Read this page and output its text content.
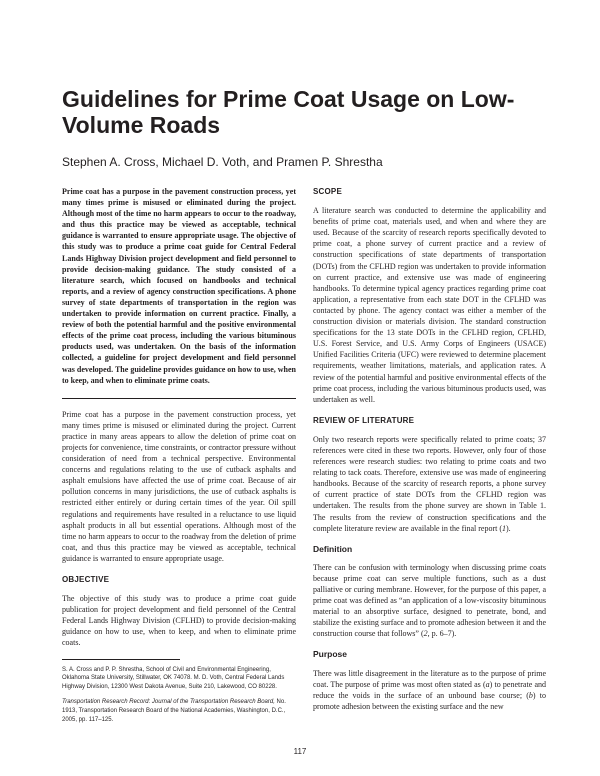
Guidelines for Prime Coat Usage on Low-Volume Roads
Stephen A. Cross, Michael D. Voth, and Pramen P. Shrestha

Prime coat has a purpose in the pavement construction process, yet many times prime is misused or eliminated during the project. Although most of the time no harm appears to occur to the roadway, and thus this practice may be viewed as acceptable, technical guidance is warranted to ensure appropriate usage. The objective of this study was to produce a prime coat guide for Central Federal Lands Highway Division project development and field personnel to provide decision-making guidance. The study consisted of a literature search, which focused on handbooks and technical reports, and a review of agency construction specifications. A phone survey of state departments of transportation in the region was undertaken to provide information on current practice. Finally, a review of both the potential harmful and the positive environmental effects of the prime coat process, including the various bituminous products used, was undertaken. On the basis of the information collected, a guideline for project development and field personnel was developed. The guideline provides guidance on how to use, when to keep, and when to eliminate prime coats.

Prime coat has a purpose in the pavement construction process, yet many times prime is misused or eliminated during the project. Current practice in many areas appears to allow the deletion of prime coat on projects for convenience, time constraints, or contractor pressure without consideration of need from a technical perspective. Environmental concerns and regulations relating to the use of cutback asphalts and asphalt emulsions have affected the use of prime coat. Because of air pollution concerns in many jurisdictions, the use of cutback asphalts is restricted either entirely or during certain times of the year. Oil spill regulations and requirements have resulted in a reluctance to use liquid asphalt products in all but essential operations. Although most of the time no harm appears to occur to the roadway from the deletion of prime coat, and thus this practice may be viewed as acceptable, technical guidance is warranted to ensure appropriate usage.

OBJECTIVE

The objective of this study was to produce a prime coat guide publication for project development and field personnel of the Central Federal Lands Highway Division (CFLHD) to provide decision-making guidance on how to use, when to keep, and when to eliminate prime coats.

S. A. Cross and P. P. Shrestha, School of Civil and Environmental Engineering, Oklahoma State University, Stillwater, OK 74078. M. D. Voth, Central Federal Lands Highway Division, 12300 West Dakota Avenue, Suite 210, Lakewood, CO 80228.

Transportation Research Record: Journal of the Transportation Research Board, No. 1913, Transportation Research Board of the National Academies, Washington, D.C., 2005, pp. 117–125.

SCOPE

A literature search was conducted to determine the applicability and benefits of prime coat, materials used, and when and where they are used. Because of the scarcity of research reports specifically devoted to prime coat, a phone survey of current practice and a review of construction specifications of state departments of transportation (DOTs) from the CFLHD region was undertaken to provide information on current practice, and extensive use was made of engineering handbooks. To determine typical agency practices regarding prime coat application, a representative from each state DOT in the CFLHD was contacted by phone. The agency contact was either a member of the construction division or materials division. The standard construction specifications for the 13 state DOTs in the CFLHD region, CFLHD, U.S. Forest Service, and U.S. Army Corps of Engineers (USACE) Unified Facilities Criteria (UFC) were reviewed to determine placement requirements, weather limitations, materials, and application rates. A review of the potential harmful and positive environmental effects of the prime coat process, including the various bituminous products used, was undertaken as well.

REVIEW OF LITERATURE

Only two research reports were specifically related to prime coats; 37 references were cited in these two reports. However, only four of those references were research studies: two relating to prime coats and two relating to tack coats. Therefore, extensive use was made of engineering handbooks. Because of the scarcity of research reports, a phone survey of current practice of state DOTs from the CFLHD region was undertaken. The results from the phone survey are shown in Table 1. The results from the review of construction specifications and the complete literature review are available in the final report (1).

Definition

There can be confusion with terminology when discussing prime coats because prime coat can serve multiple functions, such as a dust palliative or curing membrane. However, for the purpose of this paper, a prime coat was defined as “an application of a low-viscosity bituminous material to an absorptive surface, designed to penetrate, bond, and stabilize the existing surface and to promote adhesion between it and the construction course that follows” (2, p. 6–7).

Purpose

There was little disagreement in the literature as to the purpose of prime coat. The purpose of prime was most often stated as (a) to penetrate and reduce the voids in the surface of an unbound base course; (b) to promote adhesion between the existing surface and the new

117
